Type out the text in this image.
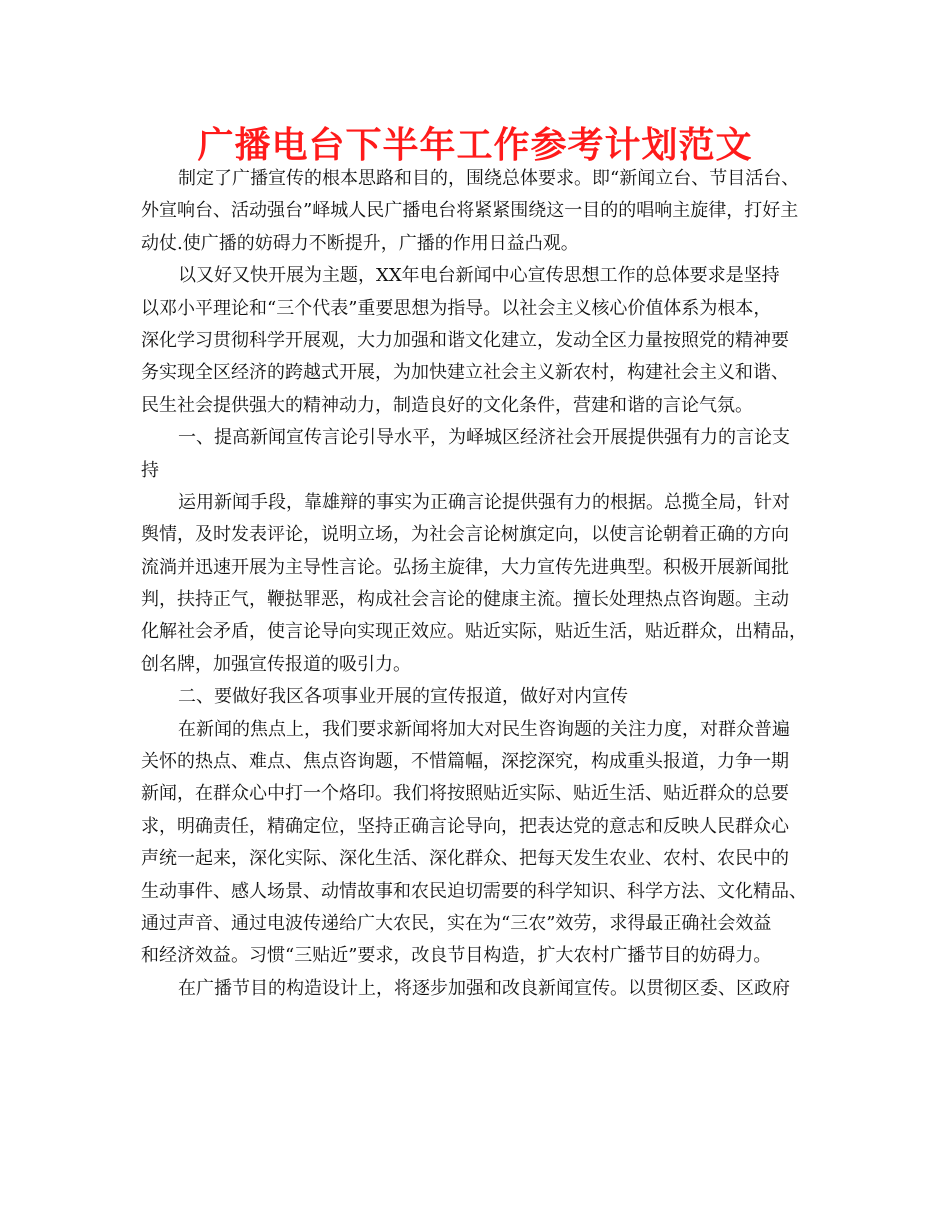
广播电台下半年工作参考计划范文
制定了广播宣传的根本思路和目的，围绕总体要求。即“新闻立台、节目活台、
外宣响台、活动强台”峄城人民广播电台将紧紧围绕这一目的的唱响主旋律，打好主
动仗.使广播的妨碍力不断提升，广播的作用日益凸观。
以又好又快开展为主题，XX年电台新闻中心宣传思想工作的总体要求是坚持
以邓小平理论和“三个代表”重要思想为指导。以社会主义核心价值体系为根本，
深化学习贯彻科学开展观，大力加强和谐文化建立，发动全区力量按照党的精神要
务实现全区经济的跨越式开展，为加快建立社会主义新农村，构建社会主义和谐、
民生社会提供强大的精神动力，制造良好的文化条件，营建和谐的言论气氛。
一、提高新闻宣传言论引导水平，为峄城区经济社会开展提供强有力的言论支
持
运用新闻手段，靠雄辩的事实为正确言论提供强有力的根据。总揽全局，针对
舆情，及时发表评论，说明立场，为社会言论树旗定向，以使言论朝着正确的方向
流淌并迅速开展为主导性言论。弘扬主旋律，大力宣传先进典型。积极开展新闻批
判，扶持正气，鞭挞罪恶，构成社会言论的健康主流。擅长处理热点咨询题。主动
化解社会矛盾，使言论导向实现正效应。贴近实际，贴近生活，贴近群众，出精品，
创名牌，加强宣传报道的吸引力。
二、要做好我区各项事业开展的宣传报道，做好对内宣传
在新闻的焦点上，我们要求新闻将加大对民生咨询题的关注力度，对群众普遍
关怀的热点、难点、焦点咨询题，不惜篇幅，深挖深究，构成重头报道，力争一期
新闻，在群众心中打一个烙印。我们将按照贴近实际、贴近生活、贴近群众的总要
求，明确责任，精确定位，坚持正确言论导向，把表达党的意志和反映人民群众心
声统一起来，深化实际、深化生活、深化群众、把每天发生农业、农村、农民中的
生动事件、感人场景、动情故事和农民迫切需要的科学知识、科学方法、文化精品、
通过声音、通过电波传递给广大农民，实在为“三农”效劳，求得最正确社会效益
和经济效益。习惯“三贴近”要求，改良节目构造，扩大农村广播节目的妨碍力。
在广播节目的构造设计上，将逐步加强和改良新闻宣传。以贯彻区委、区政府
